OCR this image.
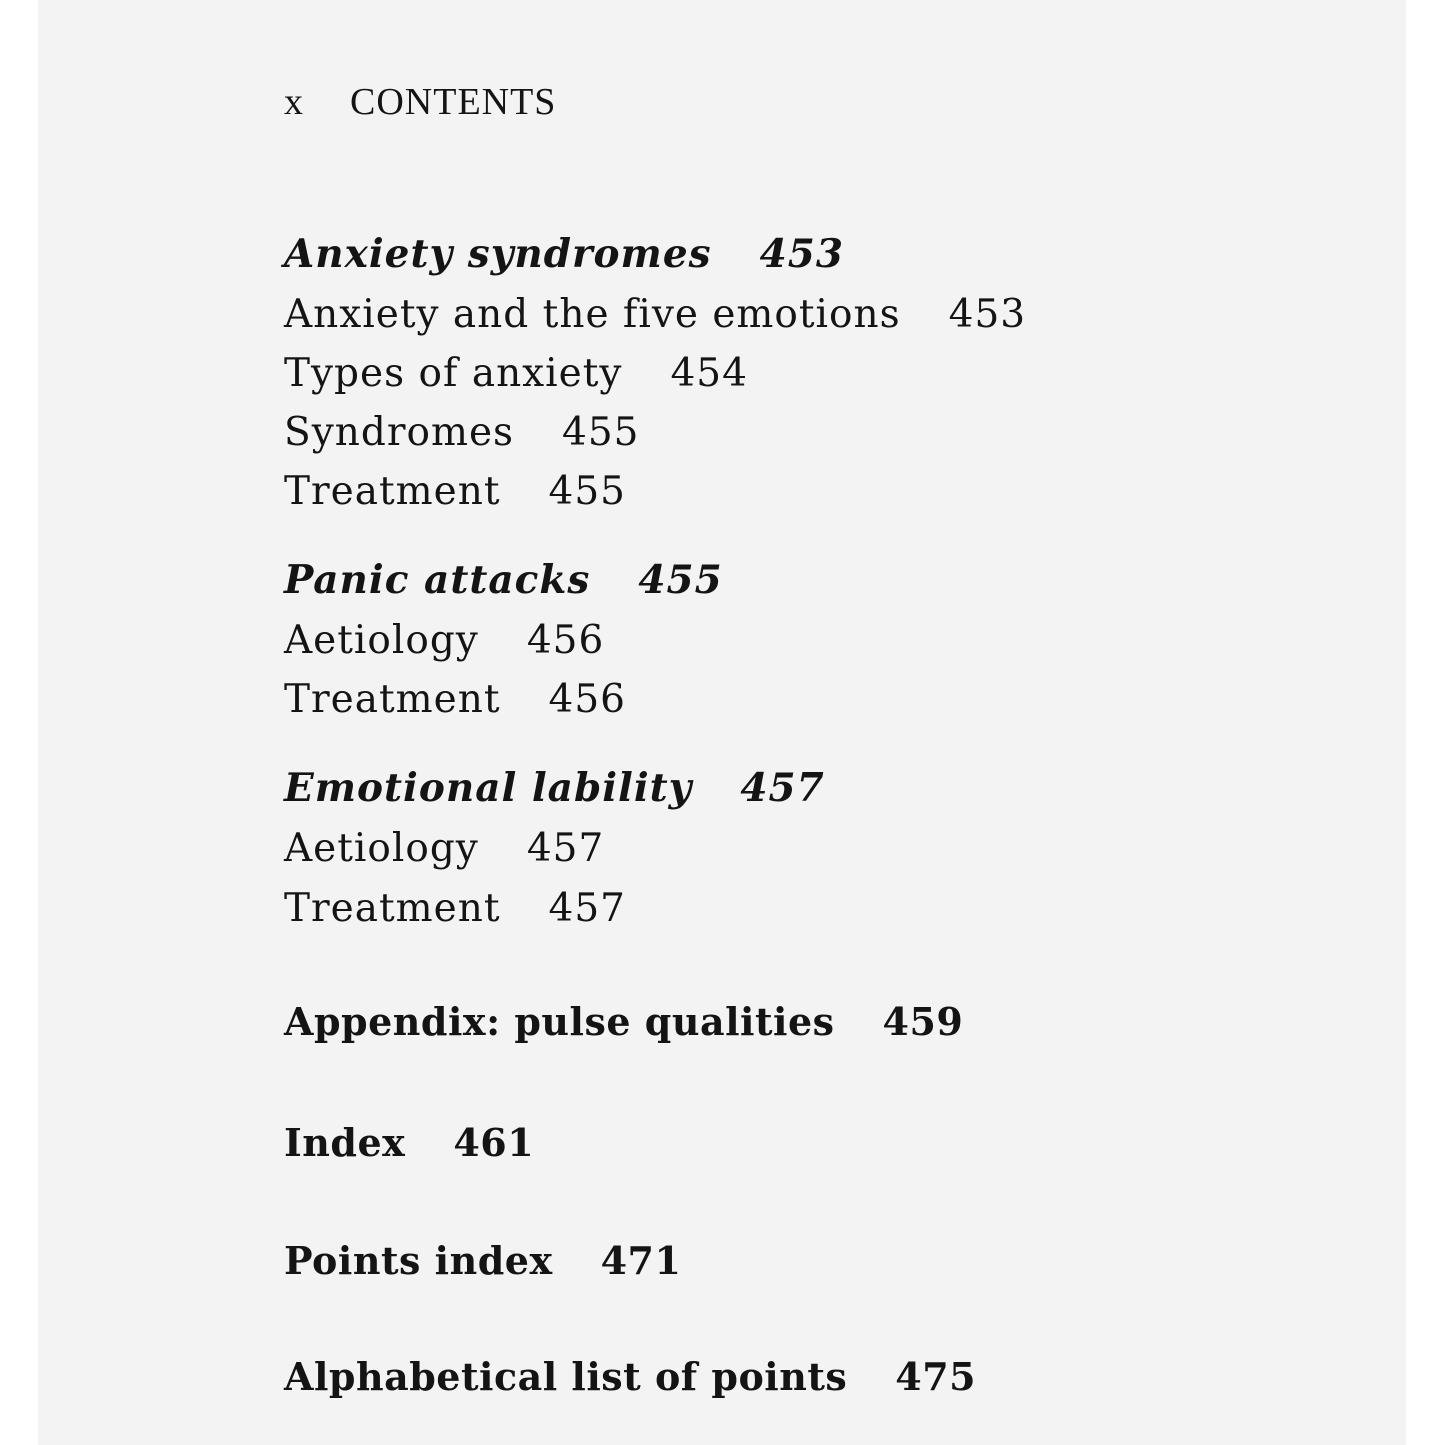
x CONTENTS
Anxiety syndromes 453
Anxiety and the five emotions 453
Types of anxiety 454
Syndromes 455
Treatment 455
Panic attacks 455
Aetiology 456
Treatment 456
Emotional lability 457
Aetiology 457
Treatment 457
Appendix: pulse qualities 459
Index 461
Points index 471
Alphabetical list of points 475
